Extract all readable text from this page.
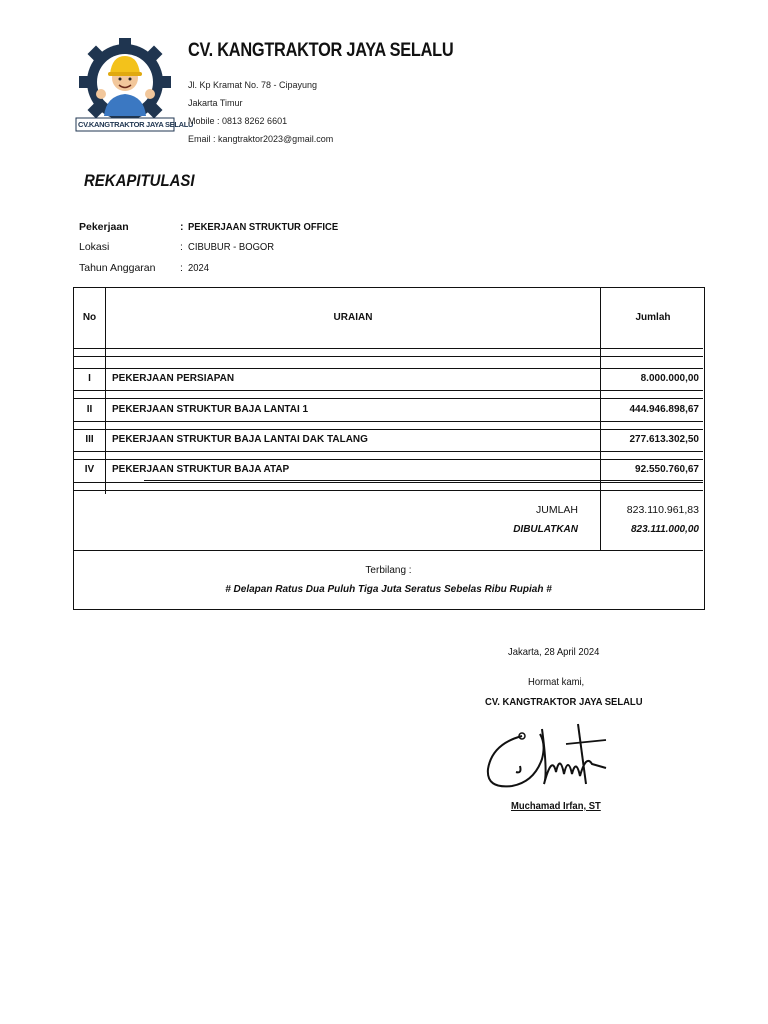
CV.KANGTRAKTOR JAYA SELALU
CV. KANGTRAKTOR JAYA SELALU
Jl. Kp Kramat No. 78 - Cipayung
Jakarta Timur
Mobile : 0813 8262 6601
Email : kangtraktor2023@gmail.com
REKAPITULASI
Pekerjaan	: PEKERJAAN STRUKTUR OFFICE
Lokasi	: CIBUBUR - BOGOR
Tahun Anggaran : 2024
No	URAIAN	Jumlah
I	PEKERJAAN PERSIAPAN	8.000.000,00
II	PEKERJAAN STRUKTUR BAJA LANTAI 1	444.946.898,67
III	PEKERJAAN STRUKTUR BAJA LANTAI DAK TALANG	277.613.302,50
IV	PEKERJAAN STRUKTUR BAJA ATAP	92.550.760,67
JUMLAH	823.110.961,83
DIBULATKAN	823.111.000,00
Terbilang :
# Delapan Ratus Dua Puluh Tiga Juta Seratus Sebelas Ribu Rupiah #
Jakarta, 28 April 2024
Hormat kami,
CV. KANGTRAKTOR JAYA SELALU
Muchamad Irfan, ST
